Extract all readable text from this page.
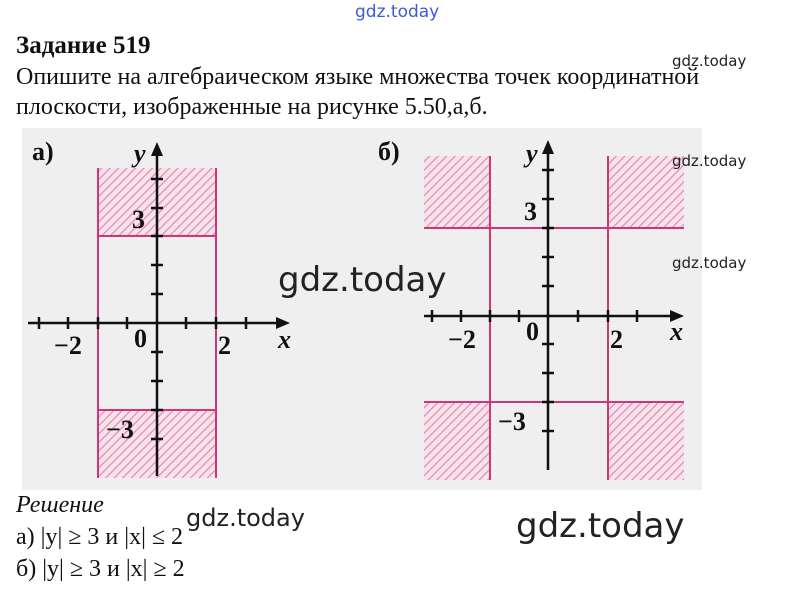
gdz.today
Задание 519
Опишите на алгебраическом языке множества точек координатной плоскости, изображенные на рисунке 5.50,а,б.
gdz.today
а)	y
x
0
−2	2
3
−3
б)	y
x
0
−2	2
3
−3
gdz.today
gdz.today
gdz.today
Решение
а) |y| ≥ 3 и |x| ≤ 2
б) |y| ≥ 3 и |x| ≥ 2
gdz.today	gdz.today
